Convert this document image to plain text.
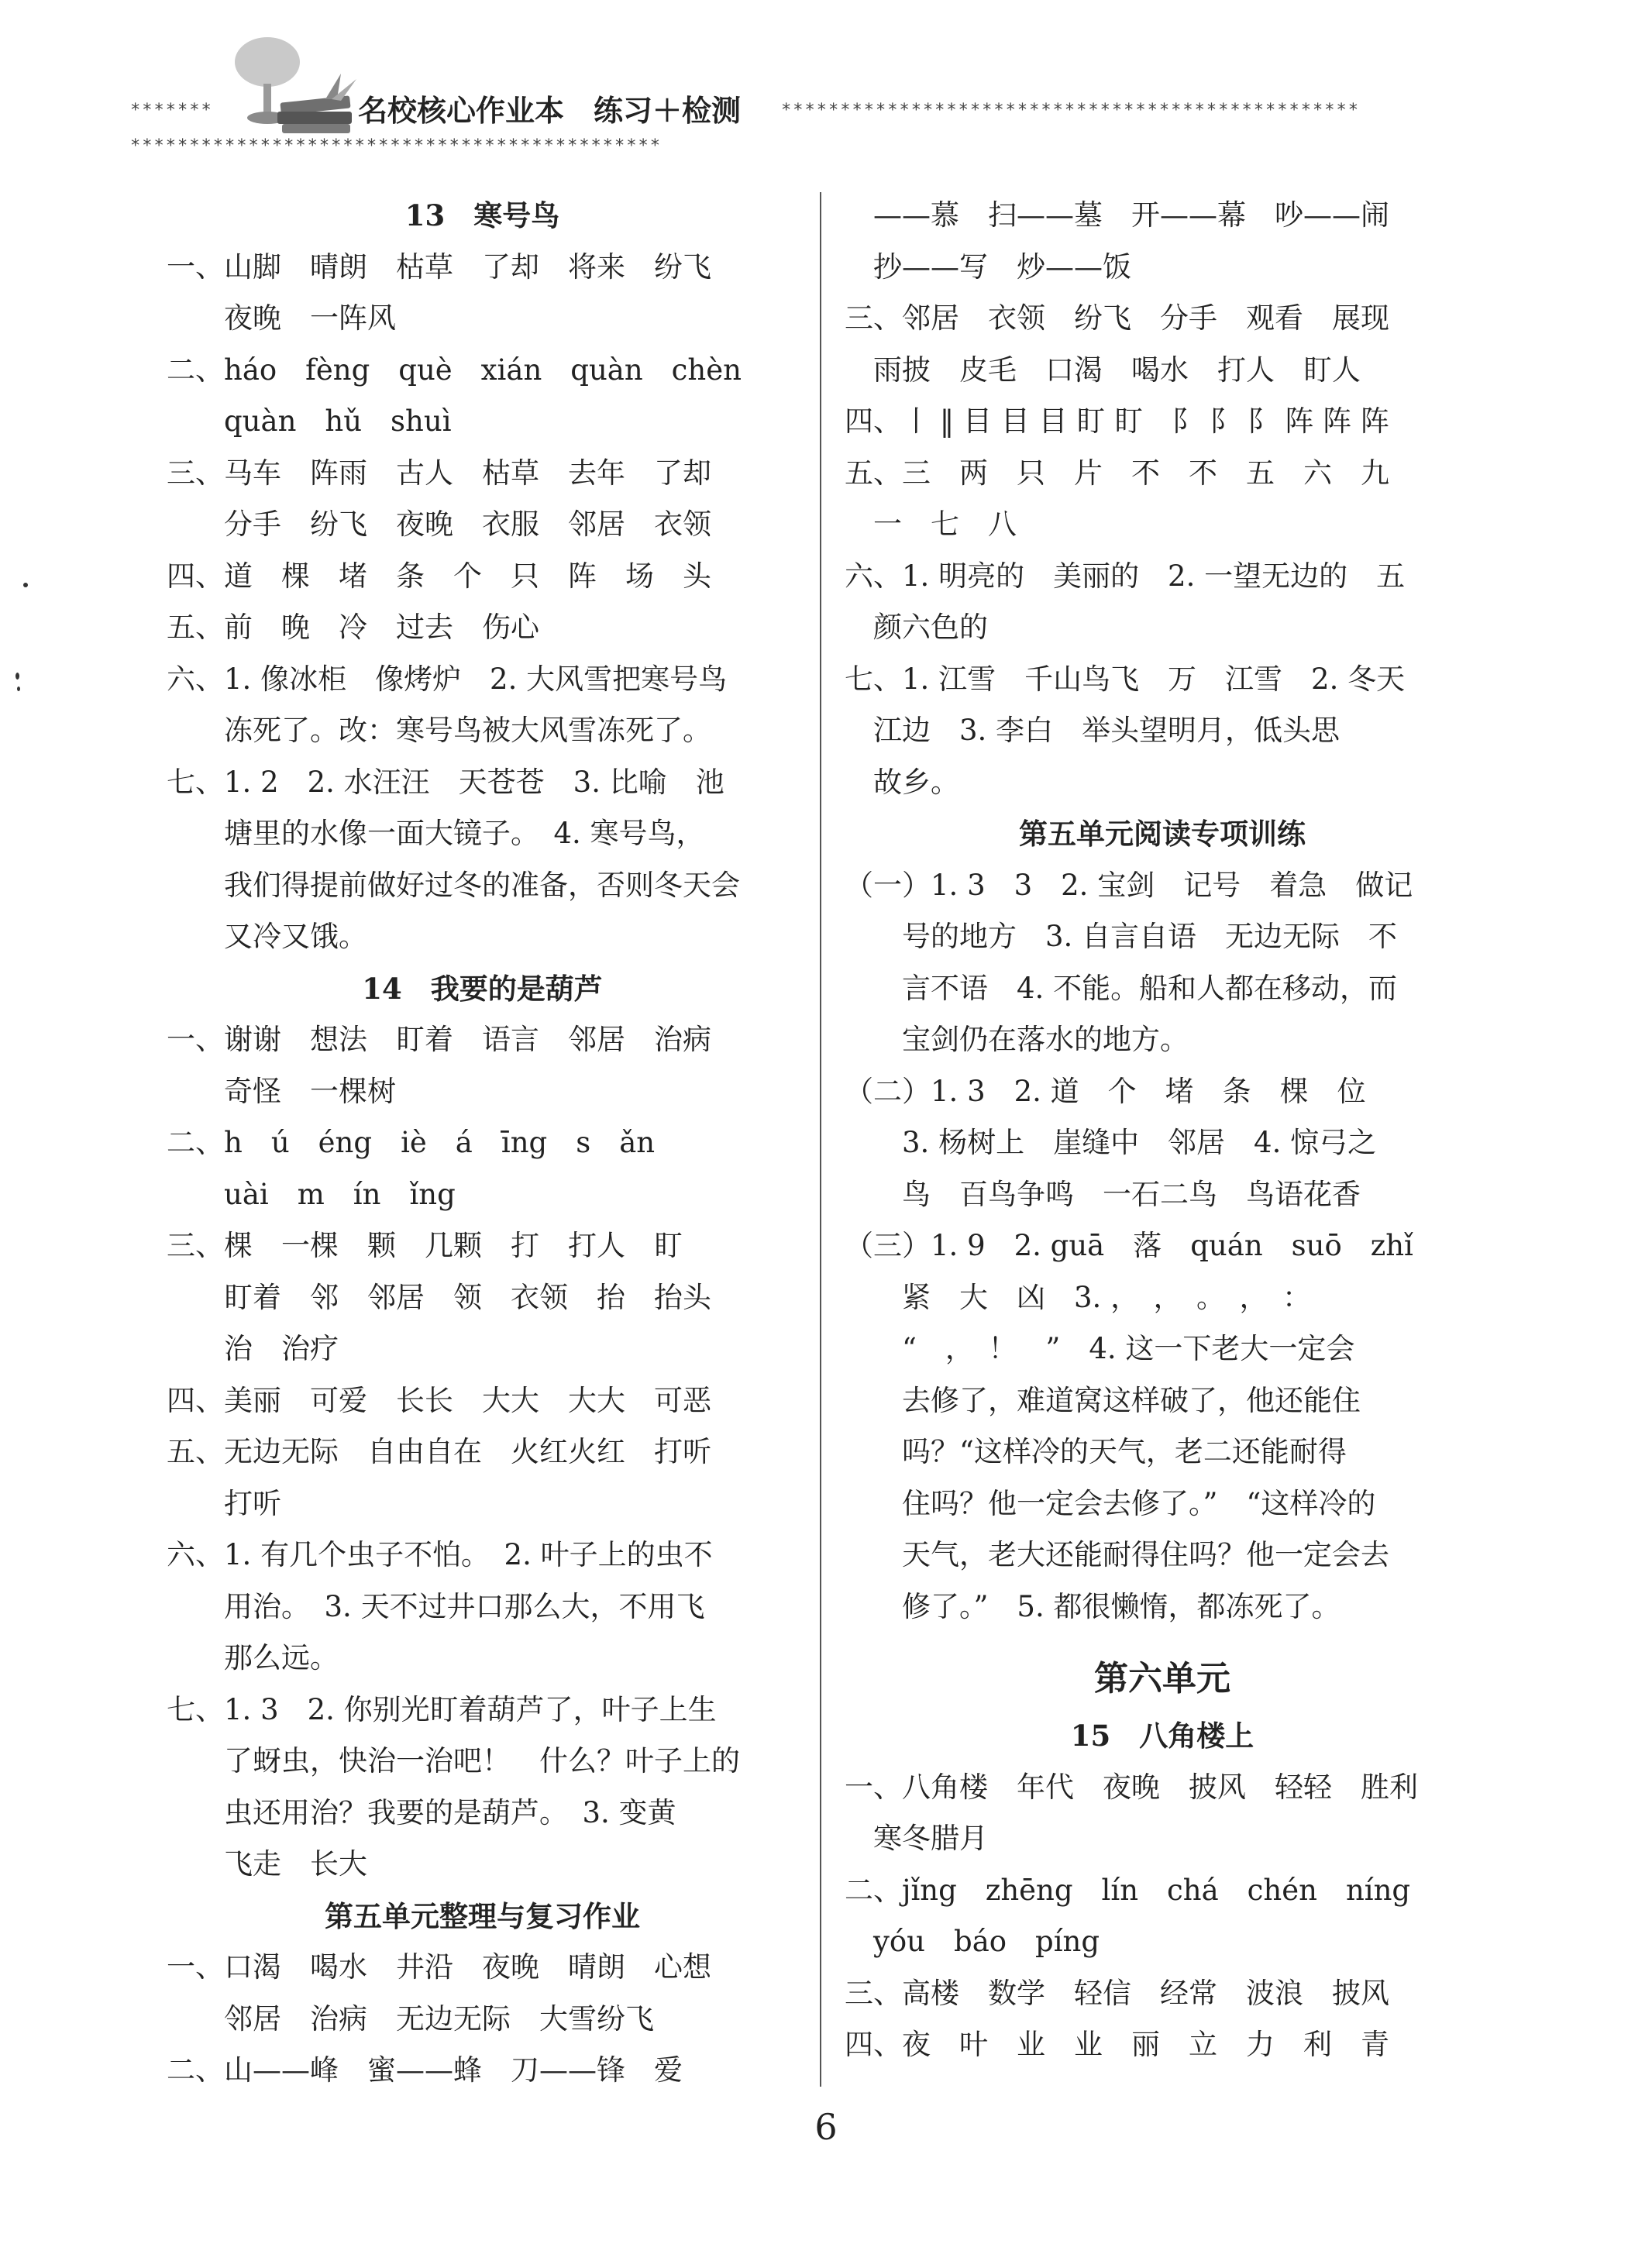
*******	名校核心作业本　练习＋检测 *************************************************
*********************************************
13　寒号鸟
一、山脚　晴朗　枯草　了却　将来　纷飞
　　夜晚　一阵风
二、háo　fèng　què　xián　quàn　chèn
　　quàn　hǔ　shuì
三、马车　阵雨　古人　枯草　去年　了却
　　分手　纷飞　夜晚　衣服　邻居　衣领
四、道　棵　堵　条　个　只　阵　场　头
五、前　晚　冷　过去　伤心
六、1. 像冰柜　像烤炉　2. 大风雪把寒号鸟
　　冻死了。改：寒号鸟被大风雪冻死了。
七、1. 2　2. 水汪汪　天苍苍　3. 比喻　池
　　塘里的水像一面大镜子。　4. 寒号鸟，
　　我们得提前做好过冬的准备，否则冬天会
　　又冷又饿。
14　我要的是葫芦
一、谢谢　想法　盯着　语言　邻居　治病
　　奇怪　一棵树
二、h　ú　éng　iè　á　īng　s　ǎn
　　uài　m　ín　ǐng
三、棵　一棵　颗　几颗　打　打人　盯
　　盯着　邻　邻居　领　衣领　抬　抬头
　　治　治疗
四、美丽　可爱　长长　大大　大大　可恶
五、无边无际　自由自在　火红火红　打听
　　打听
六、1. 有几个虫子不怕。　2. 叶子上的虫不
　　用治。　3. 天不过井口那么大，不用飞
　　那么远。
七、1. 3　2. 你别光盯着葫芦了，叶子上生
　　了蚜虫，快治一治吧！　什么？叶子上的
　　虫还用治？我要的是葫芦。　3. 变黄
　　飞走　长大
第五单元整理与复习作业
一、口渴　喝水　井沿　夜晚　晴朗　心想
　　邻居　治病　无边无际　大雪纷飞
二、山——峰　蜜——蜂　刀——锋　爱
　——慕　扫——墓　开——幕　吵——闹
　抄——写　炒——饭
三、邻居　衣领　纷飞　分手　观看　展现
　雨披　皮毛　口渴　喝水　打人　盯人
四、丨 ‖ 目 目 目 盯 盯　阝 阝 阝 阵 阵 阵
五、三　两　只　片　不　不　五　六　九
　一　七　八
六、1. 明亮的　美丽的　2. 一望无边的　五
　颜六色的
七、1. 江雪　千山鸟飞　万　江雪　2. 冬天
　江边　3. 李白　举头望明月，低头思
　故乡。
第五单元阅读专项训练
（一）1. 3　3　2. 宝剑　记号　着急　做记
　　号的地方　3. 自言自语　无边无际　不
　　言不语　4. 不能。船和人都在移动，而
　　宝剑仍在落水的地方。
（二）1. 3　2. 道　个　堵　条　棵　位
　　3. 杨树上　崖缝中　邻居　4. 惊弓之
　　鸟　百鸟争鸣　一石二鸟　鸟语花香
（三）1. 9　2. guā　落　quán　suō　zhǐ
　　紧　大　凶　3. ，　，　。　，　：
　　“　，　！　”　4. 这一下老大一定会
　　去修了，难道窝这样破了，他还能住
　　吗？“这样冷的天气，老二还能耐得
　　住吗？他一定会去修了。”　“这样冷的
　　天气，老大还能耐得住吗？他一定会去
　　修了。”　5. 都很懒惰，都冻死了。
第六单元
15　八角楼上
一、八角楼　年代　夜晚　披风　轻轻　胜利
　寒冬腊月
二、jǐng　zhēng　lín　chá　chén　níng
　yóu　báo　píng
三、高楼　数学　轻信　经常　波浪　披风
四、夜　叶　业　业　丽　立　力　利　青
6
